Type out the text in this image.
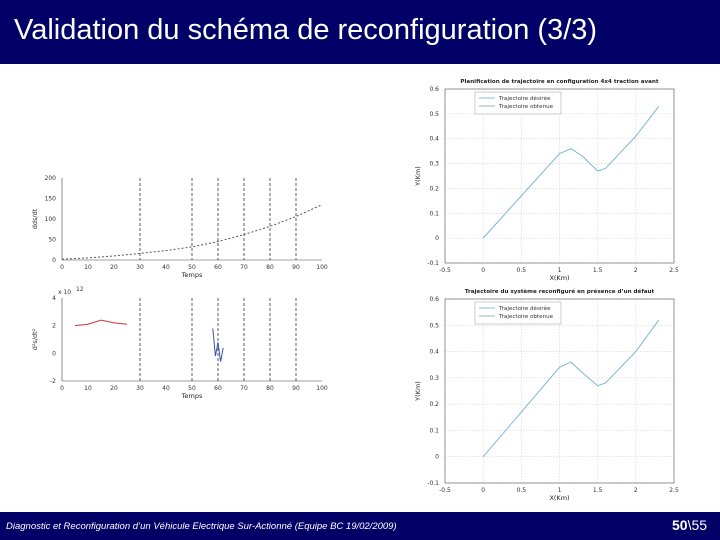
Validation du schéma de reconfiguration (3/3)
0	10	20	30	40	50	60	70	80	90	100
0
50
100
150
200
Temps
dds/dt
0	10	20	30	40	50	60	70	80	90	100
-2
0
2
4
Temps
d²s/dt²
x 10 12
-0.5	0	0.5	1	1.5	2	2.5
-0.1
0
0.1
0.2
0.3
0.4
0.5
0.6
X(Km)
Y(Km)
Planification de trajectoire en configuration 4x4 traction avant
Trajectoire désirée
Trajectoire obtenue
-0.5	0	0.5	1	1.5	2	2.5
-0.1
0
0.1
0.2
0.3
0.4
0.5
0.6
X(Km)
Y(Km)
Trajectoire du système reconfiguré en présence d’un défaut
Trajectoire désirée
Trajectoire obtenue
Diagnostic et Reconfiguration d’un Véhicule Electrique Sur-Actionné (Equipe BC 19/02/2009)	50\55
